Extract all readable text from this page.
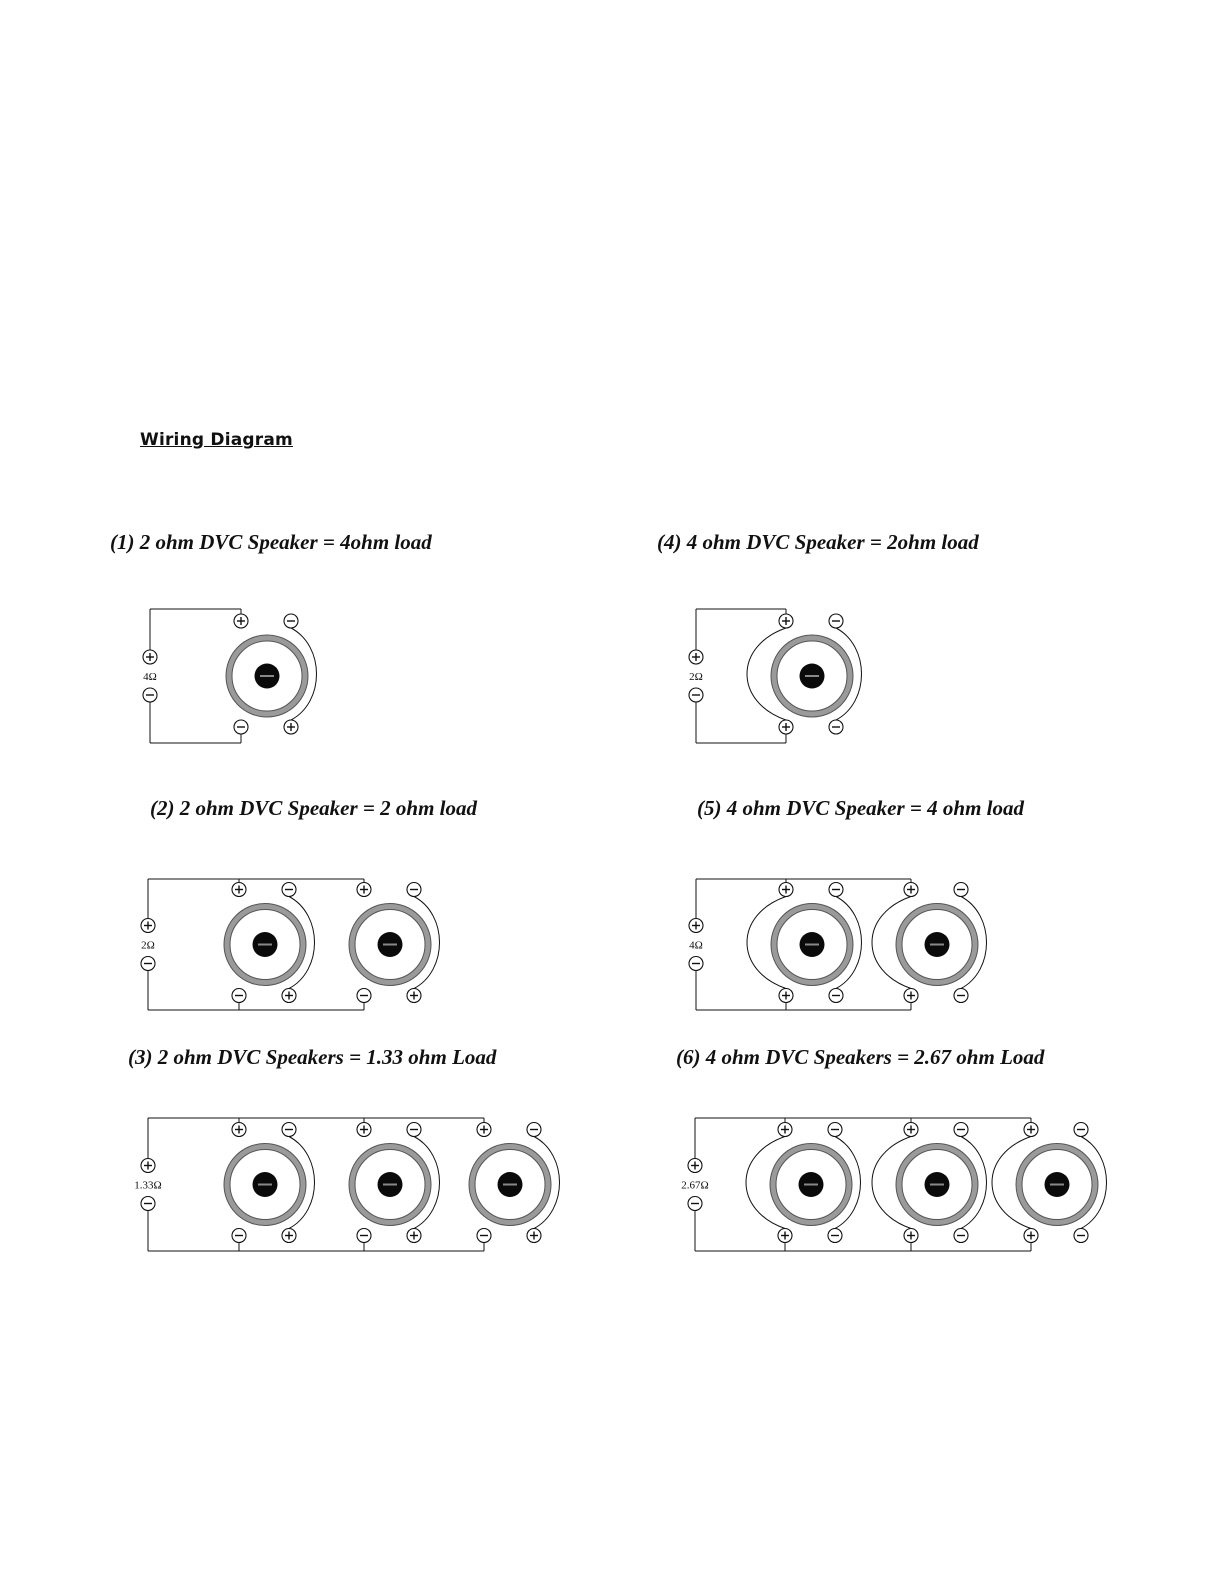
Wiring Diagram
(1) 2 ohm DVC Speaker = 4ohm load
(2) 2 ohm DVC Speaker = 2 ohm load
(3) 2 ohm DVC Speakers = 1.33 ohm Load
(4) 4 ohm DVC Speaker = 2ohm load
(5) 4 ohm DVC Speaker = 4 ohm load
(6) 4 ohm DVC Speakers = 2.67 ohm Load
4Ω
2Ω
1.33Ω
2Ω
4Ω
2.67Ω
